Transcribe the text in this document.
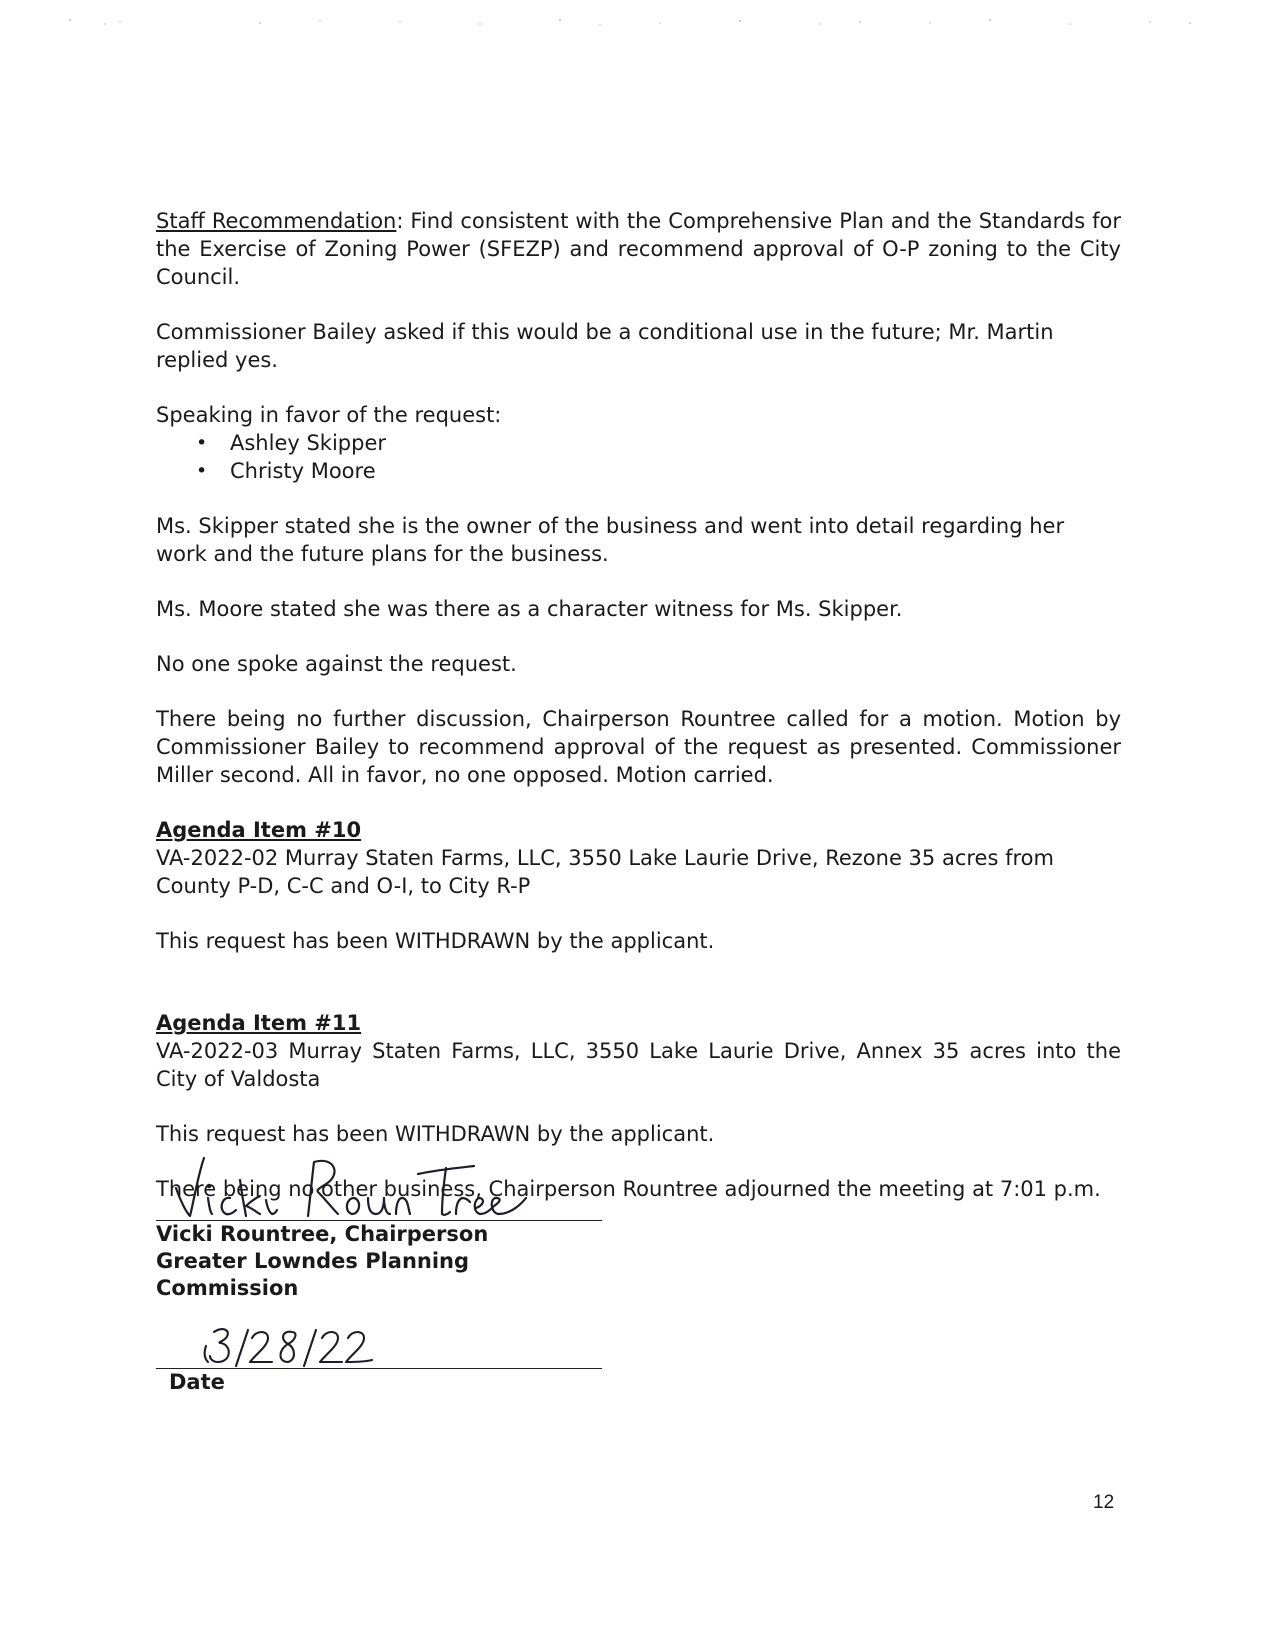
Staff Recommendation: Find consistent with the Comprehensive Plan and the Standards for the Exercise of Zoning Power (SFEZP) and recommend approval of O-P zoning to the City Council.

Commissioner Bailey asked if this would be a conditional use in the future; Mr. Martin replied yes.

Speaking in favor of the request:

• Ashley Skipper
• Christy Moore

Ms. Skipper stated she is the owner of the business and went into detail regarding her work and the future plans for the business.

Ms. Moore stated she was there as a character witness for Ms. Skipper.

No one spoke against the request.

There being no further discussion, Chairperson Rountree called for a motion. Motion by Commissioner Bailey to recommend approval of the request as presented. Commissioner Miller second. All in favor, no one opposed. Motion carried.

Agenda Item #10

VA-2022-02 Murray Staten Farms, LLC, 3550 Lake Laurie Drive, Rezone 35 acres from County P-D, C-C and O-I, to City R-P

This request has been WITHDRAWN by the applicant.

Agenda Item #11

VA-2022-03 Murray Staten Farms, LLC, 3550 Lake Laurie Drive, Annex 35 acres into the City of Valdosta

This request has been WITHDRAWN by the applicant.

There being no other business, Chairperson Rountree adjourned the meeting at 7:01 p.m.

Vicki Rountree, Chairperson
Greater Lowndes Planning Commission
Date
12
